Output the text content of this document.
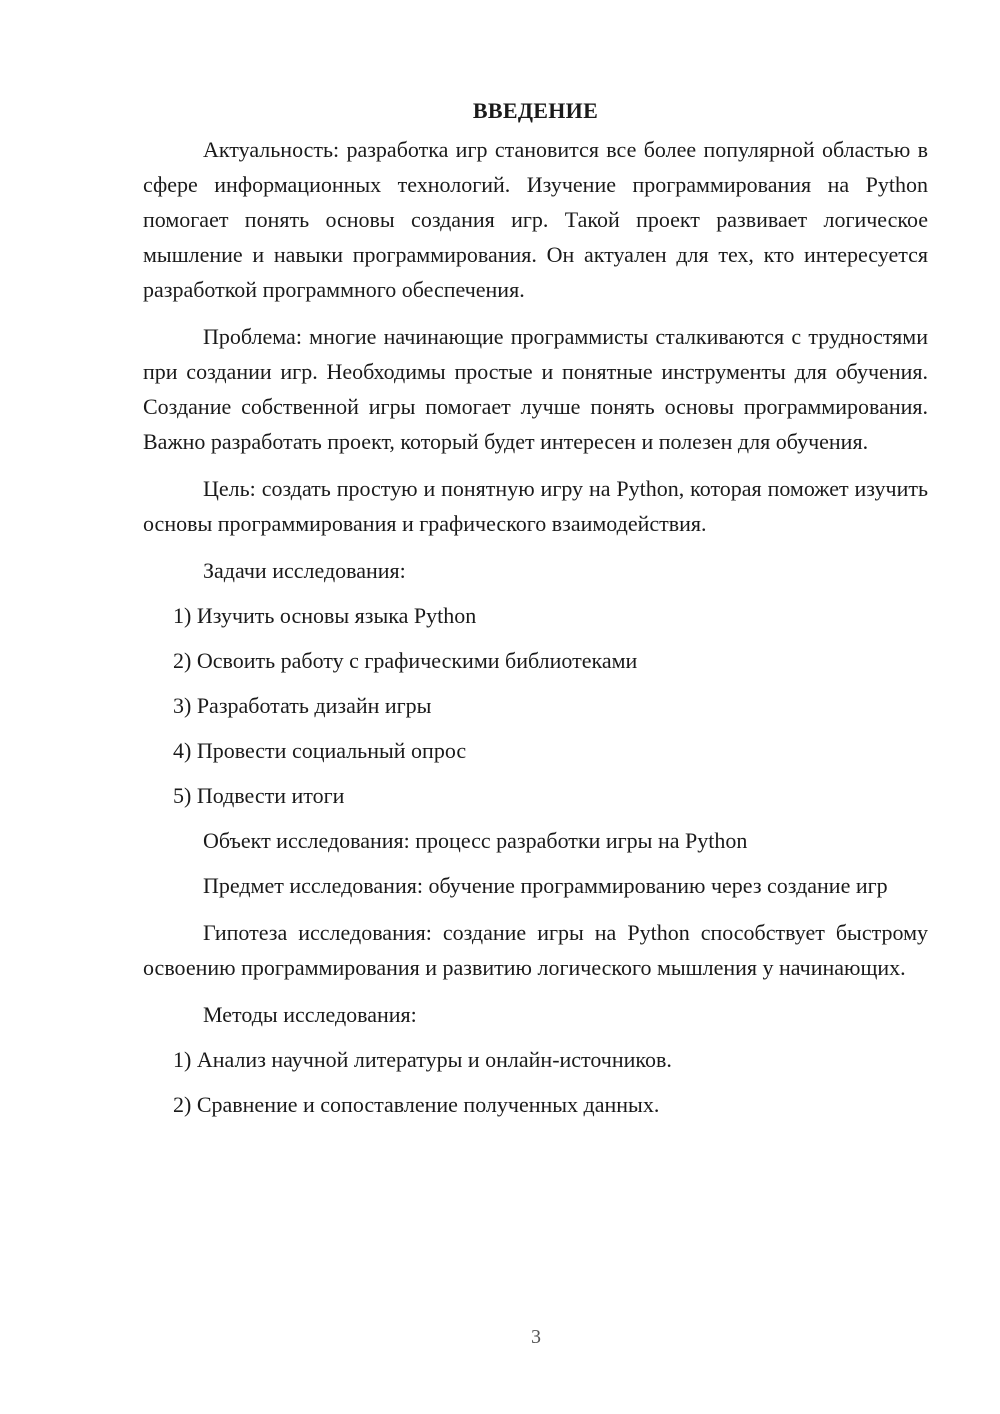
ВВЕДЕНИЕ

Актуальность: разработка игр становится все более популярной областью в сфере информационных технологий. Изучение программирования на Python помогает понять основы создания игр. Такой проект развивает логическое мышление и навыки программирования. Он актуален для тех, кто интересуется разработкой программного обеспечения.

Проблема: многие начинающие программисты сталкиваются с трудностями при создании игр. Необходимы простые и понятные инструменты для обучения. Создание собственной игры помогает лучше понять основы программирования. Важно разработать проект, который будет интересен и полезен для обучения.

Цель: создать простую и понятную игру на Python, которая поможет изучить основы программирования и графического взаимодействия.

Задачи исследования:

1) Изучить основы языка Python

2) Освоить работу с графическими библиотеками

3) Разработать дизайн игры

4) Провести социальный опрос

5) Подвести итоги

Объект исследования: процесс разработки игры на Python

Предмет исследования: обучение программированию через создание игр

Гипотеза исследования: создание игры на Python способствует быстрому освоению программирования и развитию логического мышления у начинающих.

Методы исследования:

1) Анализ научной литературы и онлайн-источников.

2) Сравнение и сопоставление полученных данных.

3
